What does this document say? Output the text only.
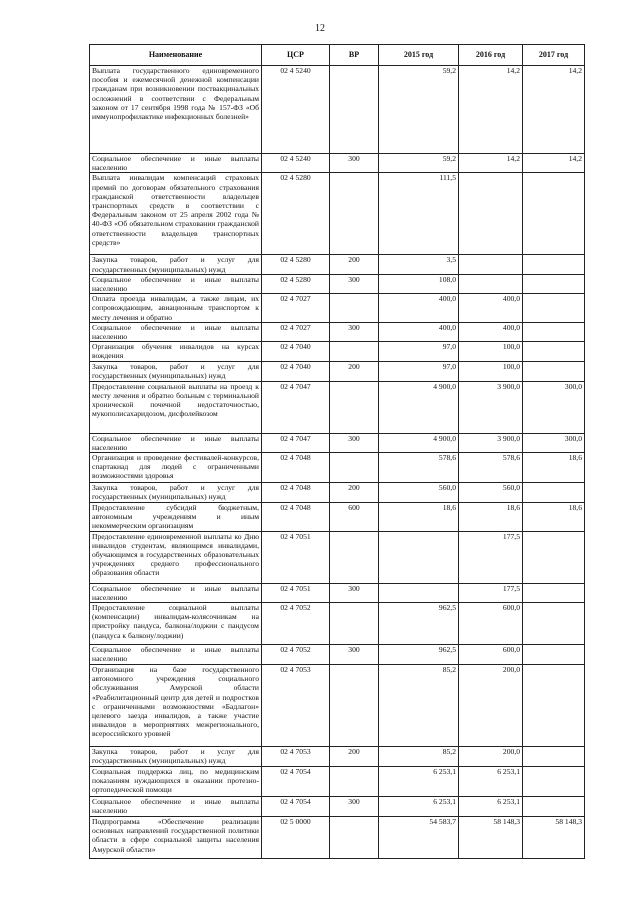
12
Наименование	ЦСР	ВР	2015 год	2016 год	2017 год
Выплата государственного единовременного пособия и ежемесячной денежной компенсации гражданам при возникновении поствакцинальных осложнений в соответствии с Федеральным законом от 17 сентября 1998 года № 157-ФЗ «Об иммунопрофилактике инфекционных болезней»	02 4 5240		59,2	14,2	14,2
Социальное обеспечение и иные выплаты населению	02 4 5240	300	59,2	14,2	14,2
Выплата инвалидам компенсаций страховых премий по договорам обязательного страхования гражданской ответственности владельцев транспортных средств в соответствии с Федеральным законом от 25 апреля 2002 года № 40-ФЗ «Об обязательном страховании гражданской ответственности владельцев транспортных средств»	02 4 5280		111,5		
Закупка товаров, работ и услуг для государственных (муниципальных) нужд	02 4 5280	200	3,5		
Социальное обеспечение и иные выплаты населению	02 4 5280	300	108,0		
Оплата проезда инвалидам, а также лицам, их сопровождающим, авиационным транспортом к месту лечения и обратно	02 4 7027		400,0	400,0	
Социальное обеспечение и иные выплаты населению	02 4 7027	300	400,0	400,0	
Организация обучения инвалидов на курсах вождения	02 4 7040		97,0	100,0	
Закупка товаров, работ и услуг для государственных (муниципальных) нужд	02 4 7040	200	97,0	100,0	
Предоставление социальной выплаты на проезд к месту лечения и обратно больным с терминальной хронической почечной недостаточностью, мукополисахаридозом, дисфолейкозом	02 4 7047		4 900,0	3 900,0	300,0
Социальное обеспечение и иные выплаты населению	02 4 7047	300	4 900,0	3 900,0	300,0
Организация и проведение фестивалей-конкурсов, спартакиад для людей с ограниченными возможностями здоровья	02 4 7048		578,6	578,6	18,6
Закупка товаров, работ и услуг для государственных (муниципальных) нужд	02 4 7048	200	560,0	560,0	
Предоставление субсидий бюджетным, автономным учреждениям и иным некоммерческим организациям	02 4 7048	600	18,6	18,6	18,6
Предоставление единовременной выплаты ко Дню инвалидов студентам, являющимся инвалидами, обучающимся в государственных образовательных учреждениях среднего профессионального образования области	02 4 7051			177,5	
Социальное обеспечение и иные выплаты населению	02 4 7051	300		177,5	
Предоставление социальной выплаты (компенсации) инвалидам-колясочникам на пристройку пандуса, балкона/лоджии с пандусом (пандуса к балкону/лоджии)	02 4 7052		962,5	600,0	
Социальное обеспечение и иные выплаты населению	02 4 7052	300	962,5	600,0	
Организация на базе государственного автономного учреждения социального обслуживания Амурской области «Реабилитационный центр для детей и подростков с ограниченными возможностями «Бадлагон» целевого заезда инвалидов, а также участие инвалидов в мероприятиях межрегионального, всероссийского уровней	02 4 7053		85,2	200,0	
Закупка товаров, работ и услуг для государственных (муниципальных) нужд	02 4 7053	200	85,2	200,0	
Социальная поддержка лиц, по медицинским показаниям нуждающихся в оказании протезно-ортопедической помощи	02 4 7054		6 253,1	6 253,1	
Социальное обеспечение и иные выплаты населению	02 4 7054	300	6 253,1	6 253,1	
Подпрограмма «Обеспечение реализации основных направлений государственной политики области в сфере социальной защиты населения Амурской области»	02 5 0000		54 583,7	58 148,3	58 148,3
